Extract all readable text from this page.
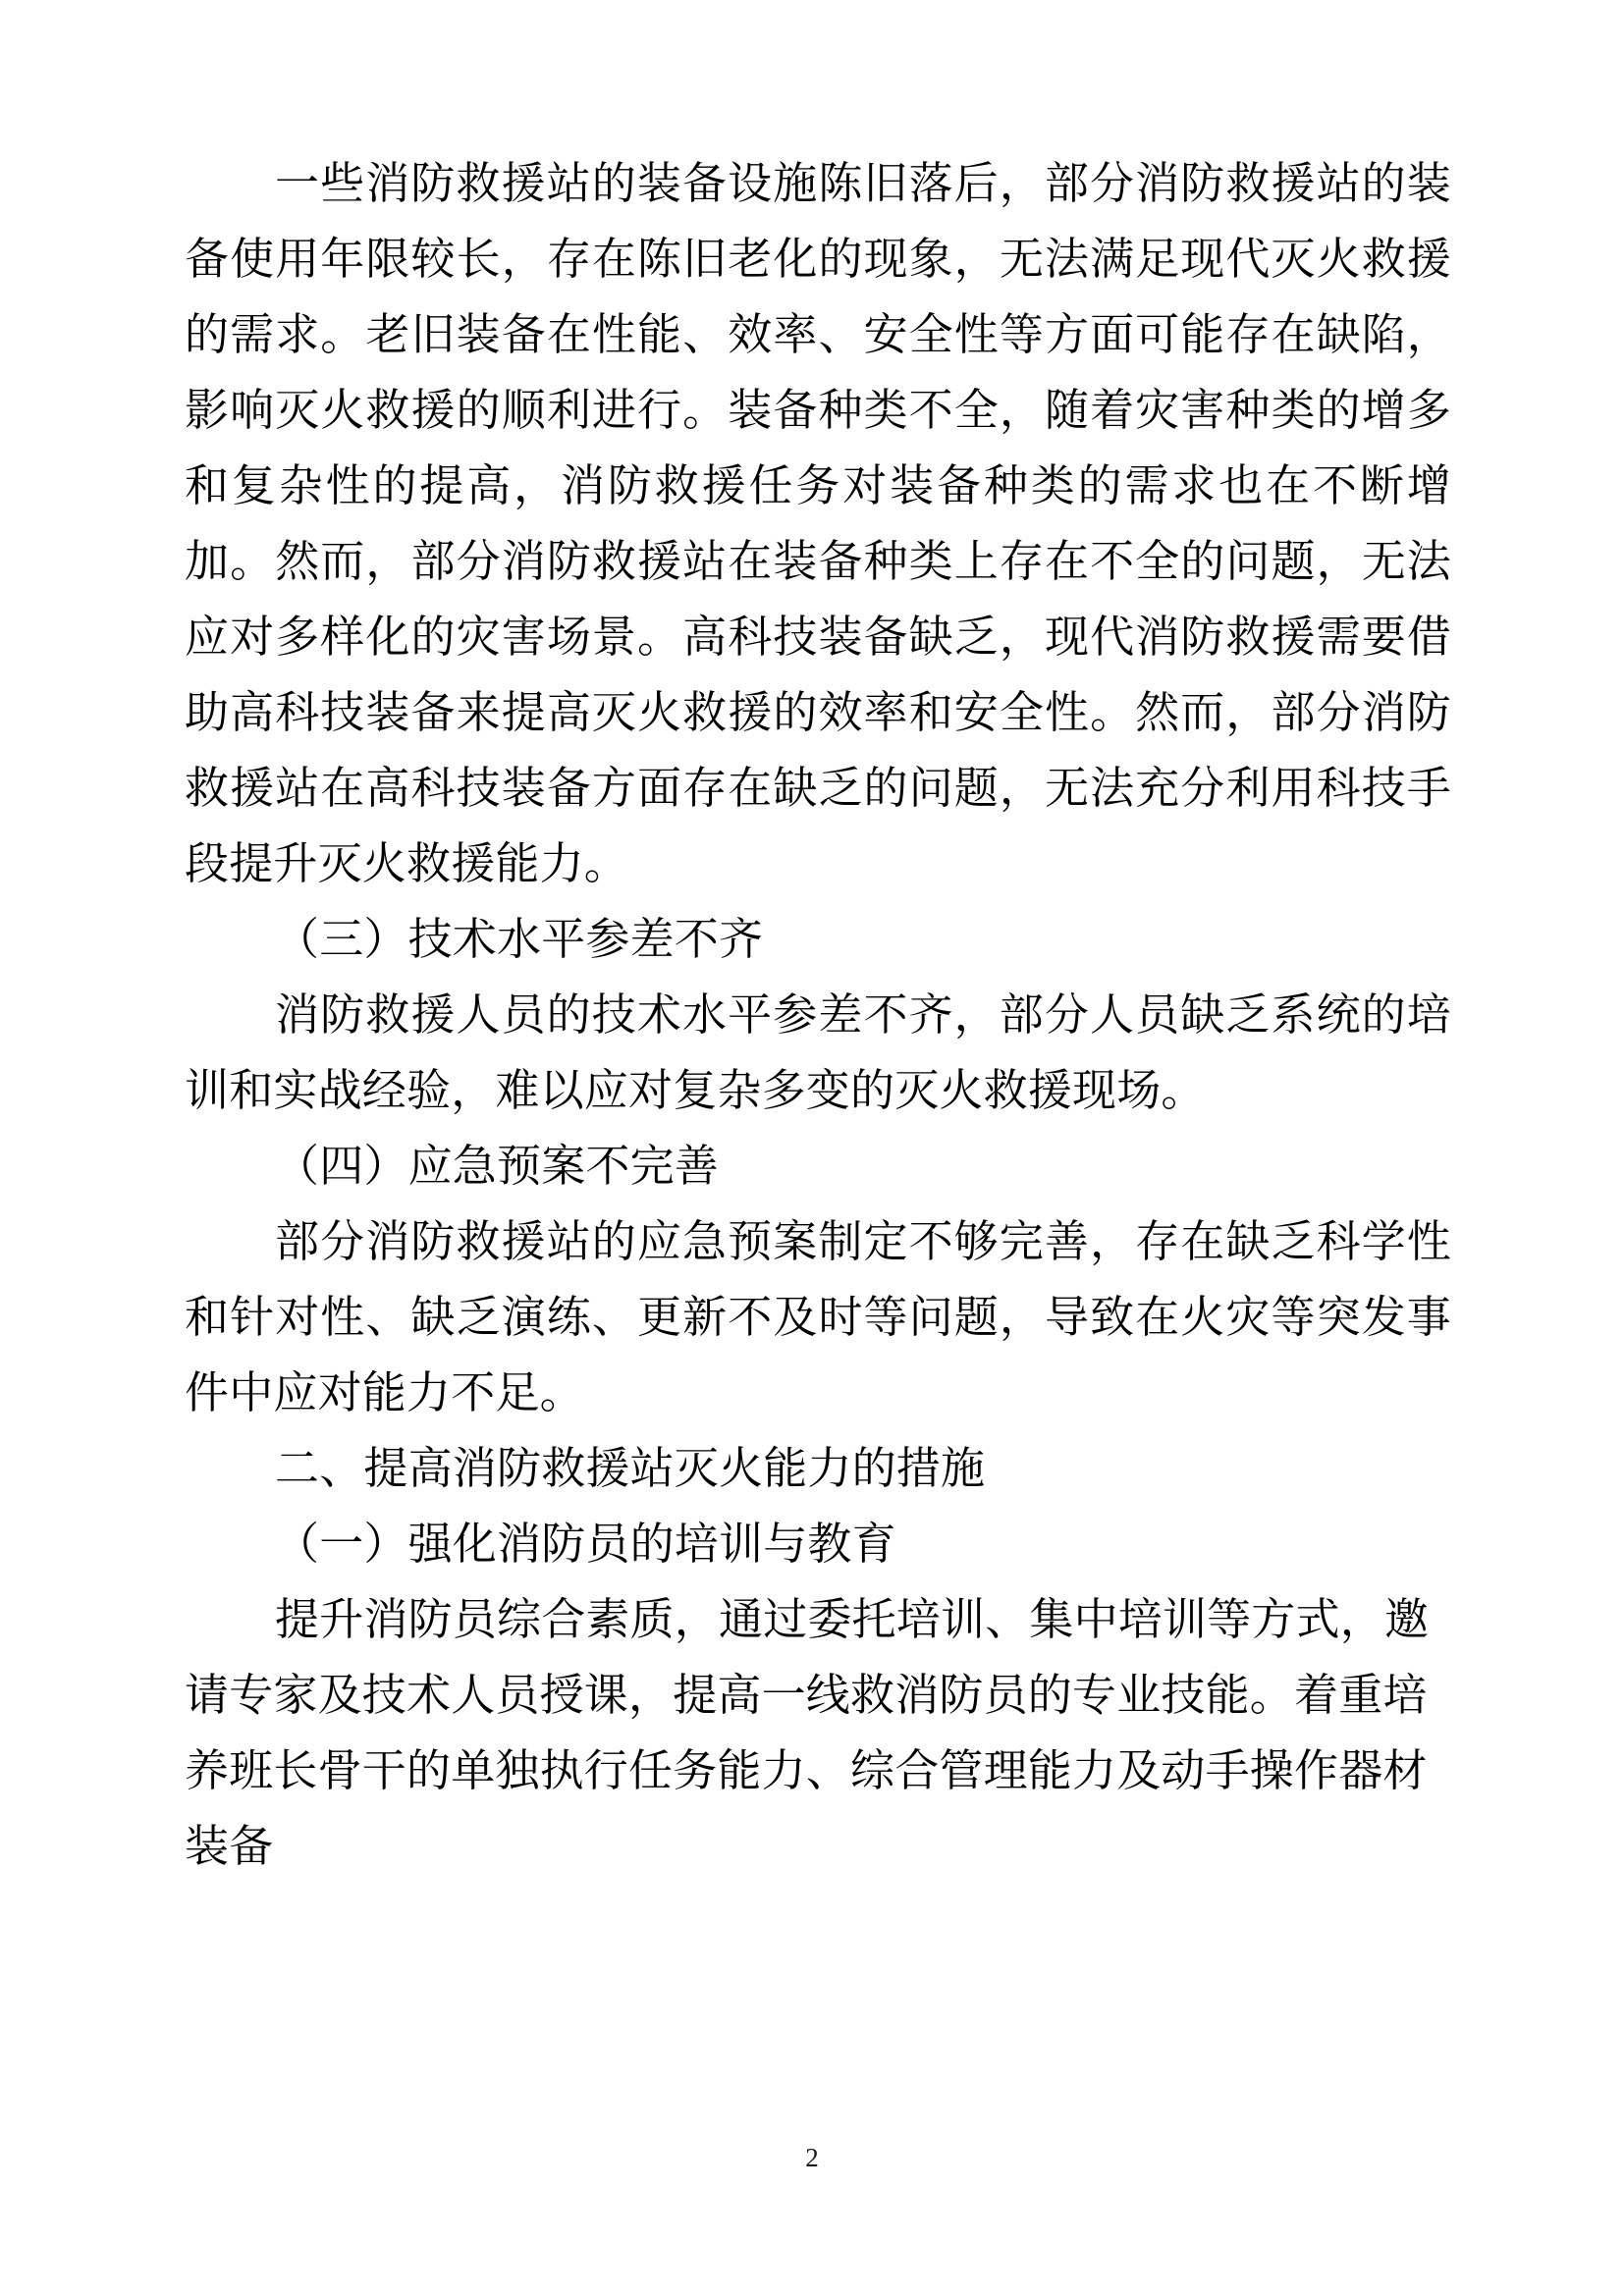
一些消防救援站的装备设施陈旧落后，部分消防救援站的装备使用年限较长，存在陈旧老化的现象，无法满足现代灭火救援的需求。老旧装备在性能、效率、安全性等方面可能存在缺陷，影响灭火救援的顺利进行。装备种类不全，随着灾害种类的增多和复杂性的提高，消防救援任务对装备种类的需求也在不断增加。然而，部分消防救援站在装备种类上存在不全的问题，无法应对多样化的灾害场景。高科技装备缺乏，现代消防救援需要借助高科技装备来提高灭火救援的效率和安全性。然而，部分消防救援站在高科技装备方面存在缺乏的问题，无法充分利用科技手段提升灭火救援能力。

（三）技术水平参差不齐

消防救援人员的技术水平参差不齐，部分人员缺乏系统的培训和实战经验，难以应对复杂多变的灭火救援现场。

（四）应急预案不完善

部分消防救援站的应急预案制定不够完善，存在缺乏科学性和针对性、缺乏演练、更新不及时等问题，导致在火灾等突发事件中应对能力不足。

二、提高消防救援站灭火能力的措施

（一）强化消防员的培训与教育

提升消防员综合素质，通过委托培训、集中培训等方式，邀请专家及技术人员授课，提高一线救消防员的专业技能。着重培养班长骨干的单独执行任务能力、综合管理能力及动手操作器材装备

2
